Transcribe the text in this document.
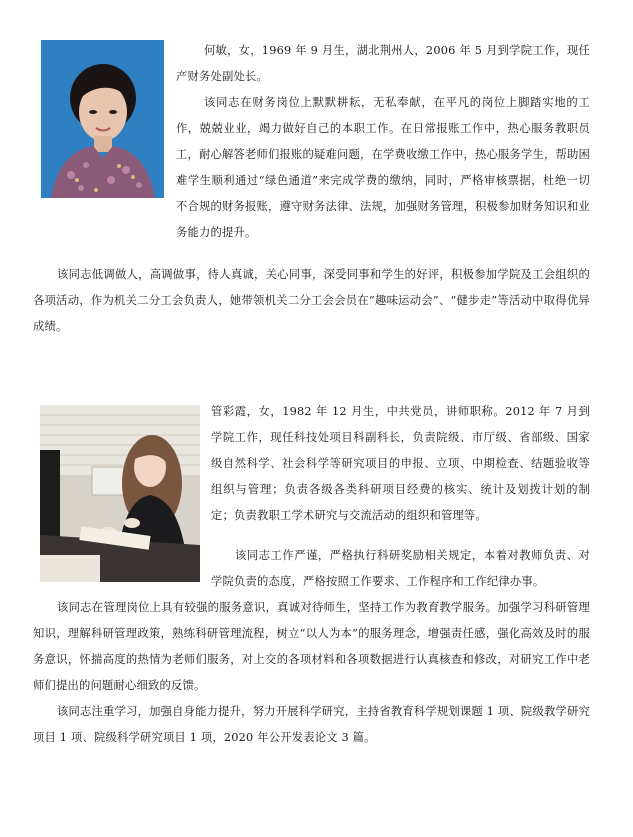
何敏，女，1969 年 9 月生，湖北荆州人，2006 年 5 月到学院工作，现任产财务处副处长。

该同志在财务岗位上默默耕耘，无私奉献，在平凡的岗位上脚踏实地的工作，兢兢业业，竭力做好自己的本职工作。在日常报账工作中，热心服务教职员工，耐心解答老师们报账的疑难问题，在学费收缴工作中，热心服务学生，帮助困难学生顺利通过“绿色通道”来完成学费的缴纳，同时，严格审核票据，杜绝一切不合规的财务报账，遵守财务法律、法规，加强财务管理，积极参加财务知识和业务能力的提升。

该同志低调做人，高调做事，待人真诚，关心同事，深受同事和学生的好评，积极参加学院及工会组织的各项活动，作为机关二分工会负责人，她带领机关二分工会会员在“趣味运动会”、“健步走”等活动中取得优异成绩。

管彩霞，女，1982 年 12 月生，中共党员，讲师职称。2012 年 7 月到学院工作，现任科技处项目科副科长，负责院级、市厅级、省部级、国家级自然科学、社会科学等研究项目的申报、立项、中期检查、结题验收等组织与管理；负责各级各类科研项目经费的核实、统计及划拨计划的制定；负责教职工学术研究与交流活动的组织和管理等。

该同志工作严谨，严格执行科研奖励相关规定，本着对教师负责、对学院负责的态度，严格按照工作要求、工作程序和工作纪律办事。

该同志在管理岗位上具有较强的服务意识，真诚对待师生，坚持工作为教育教学服务。加强学习科研管理知识，理解科研管理政策，熟练科研管理流程，树立“以人为本”的服务理念，增强责任感，强化高效及时的服务意识，怀揣高度的热情为老师们服务，对上交的各项材料和各项数据进行认真核查和修改，对研究工作中老师们提出的问题耐心细致的反馈。

该同志注重学习，加强自身能力提升，努力开展科学研究，主持省教育科学规划课题 1 项、院级教学研究项目 1 项、院级科学研究项目 1 项，2020 年公开发表论文 3 篇。
